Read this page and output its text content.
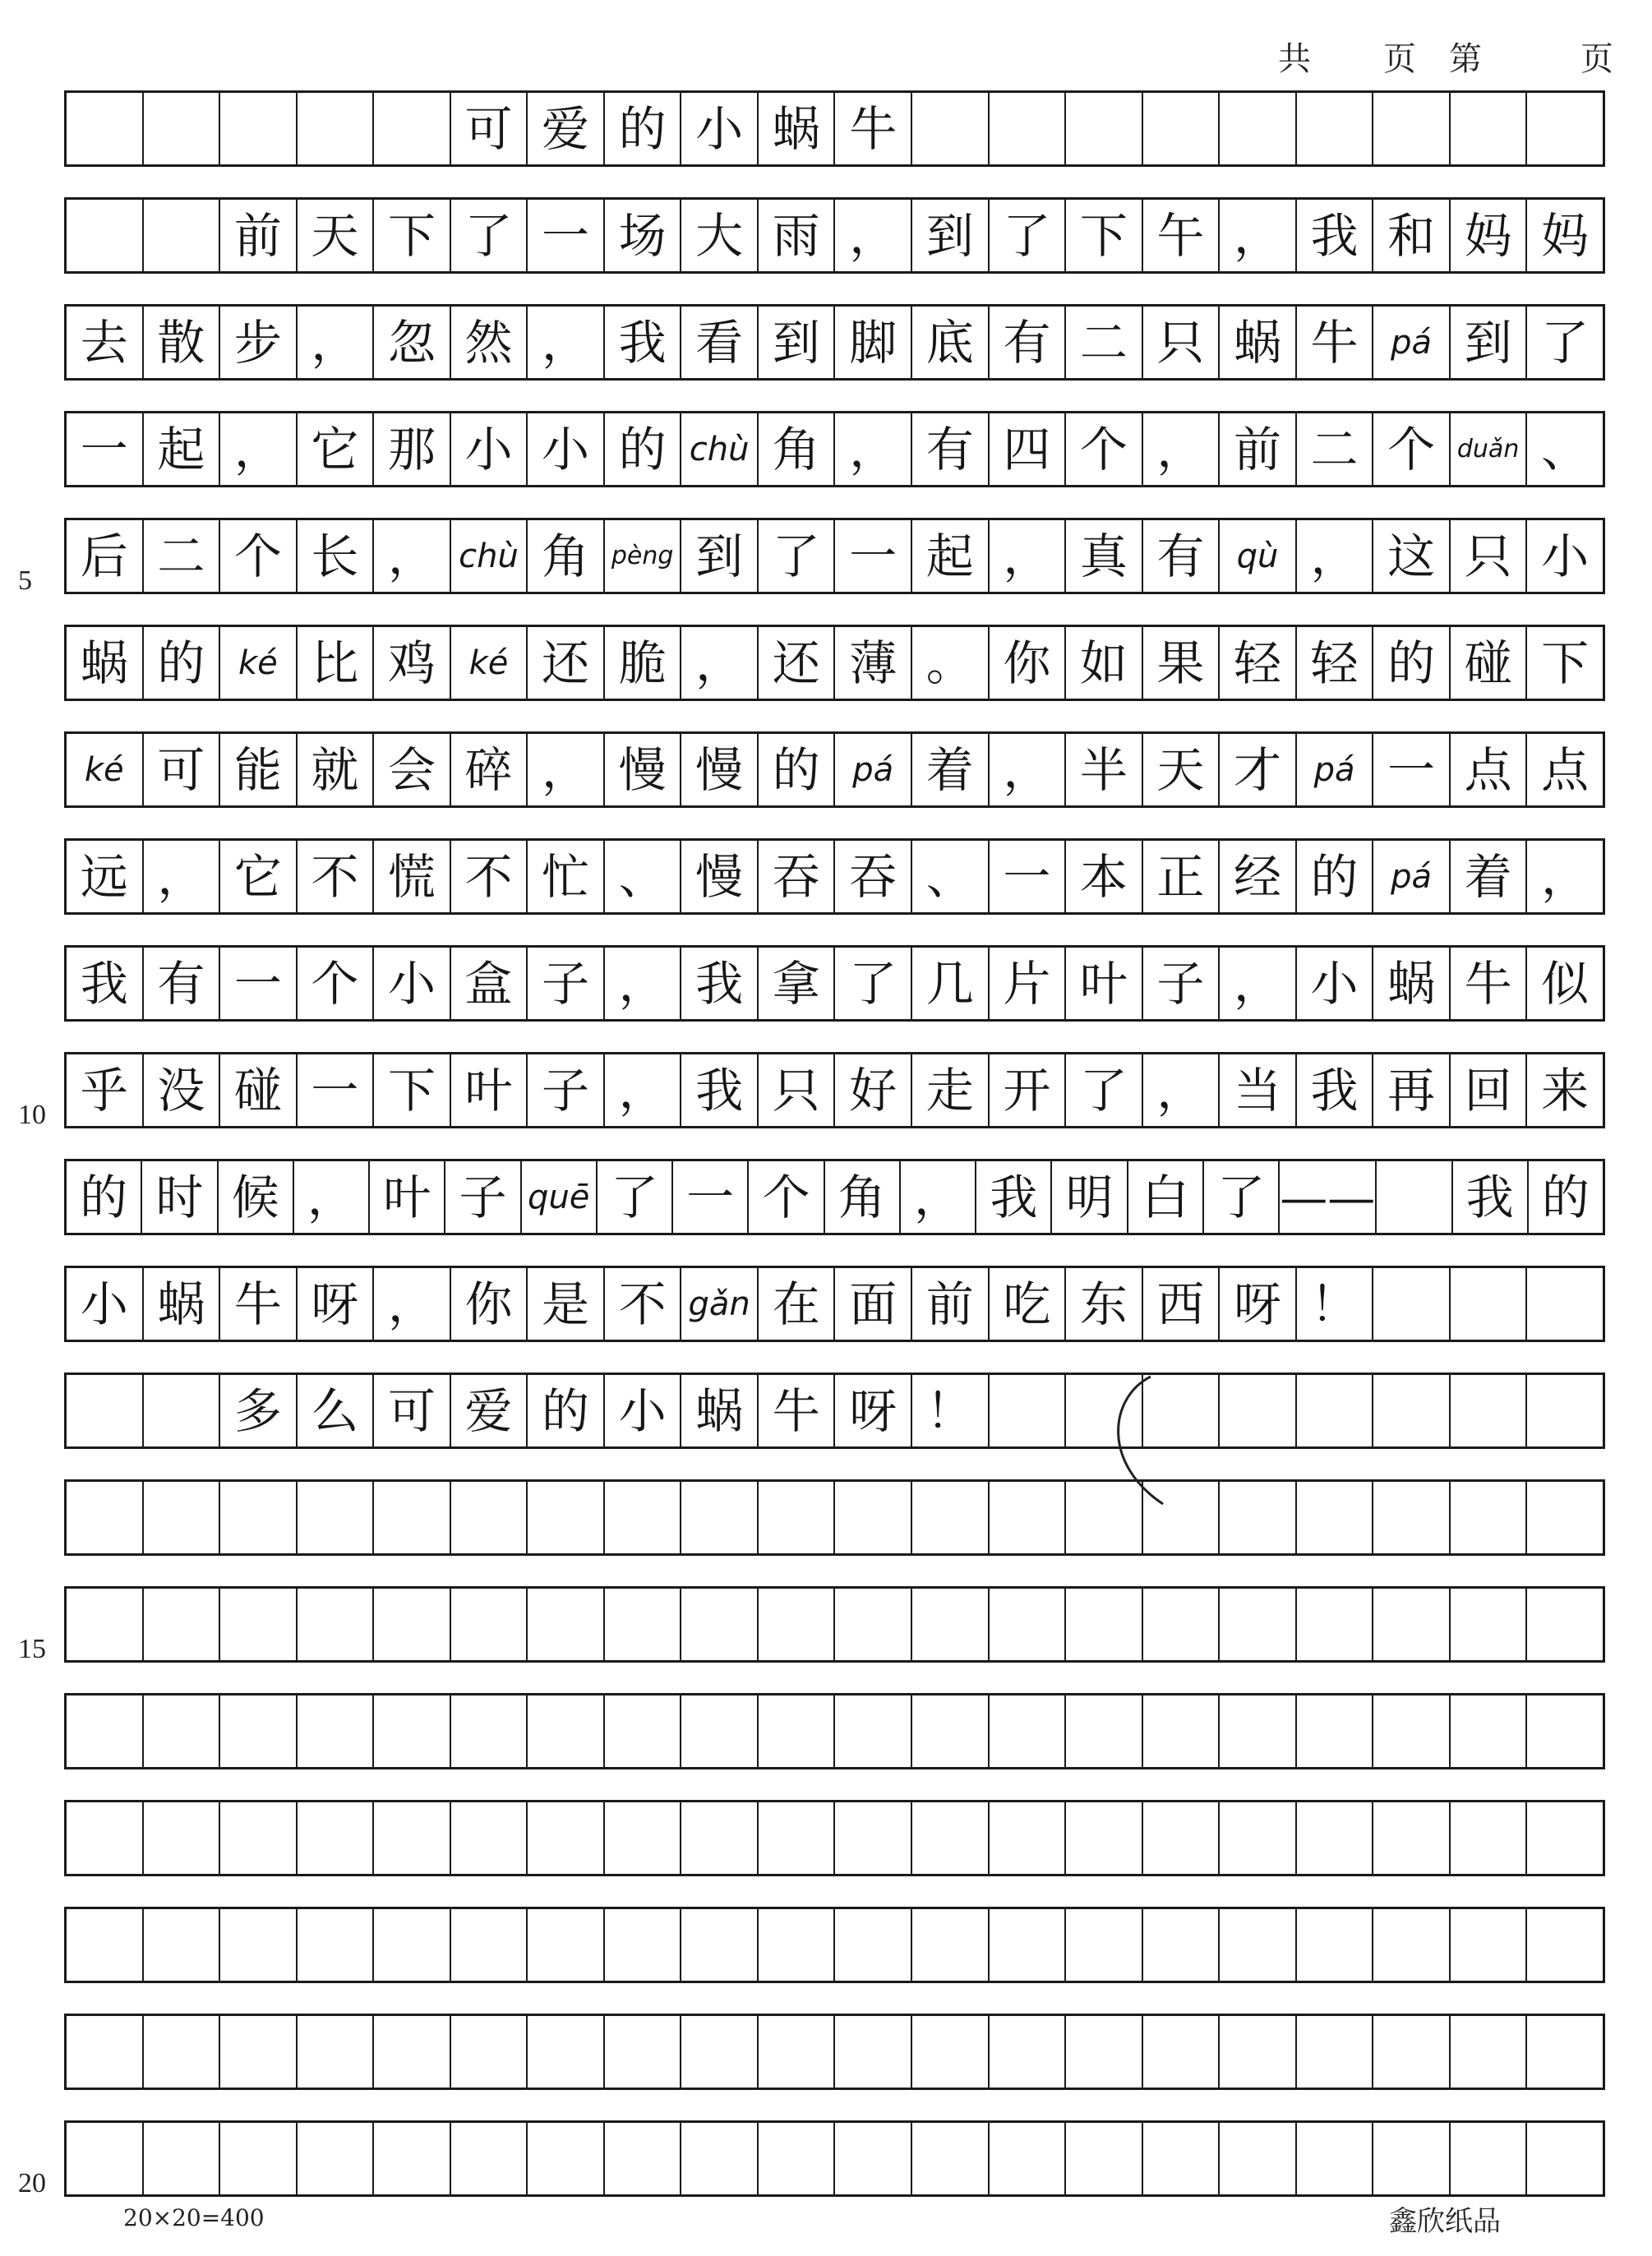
共 页 第	页
可 爱 的 小 蜗 牛
前 天 下 了 一 场 大 雨 ， 到 了 下 午 ， 我 和 妈 妈
去 散 步 ， 忽 然 ， 我 看 到 脚 底 有 二 只 蜗 牛 pá 到 了
一 起 ， 它 那 小 小 的 chù 角 ， 有 四 个 ， 前 二 个 duǎn 、
后 二 个 长 ， chù 角 pèng 到 了 一 起 ， 真 有 qù ， 这 只 小
5
蜗 的	ké 比 鸡	ké 还 脆 ， 还 薄 。 你 如 果 轻 轻 的 碰 下
ké 可 能 就 会 碎 ， 慢 慢 的 pá 着 ， 半 天 才 pá 一 点 点
远 ， 它 不 慌 不 忙 、 慢 吞 吞 、 一 本 正 经 的 pá 着 ，
我 有 一 个 小 盒 子 ， 我 拿 了 几 片 叶 子 ， 小 蜗 牛 似
乎 没 碰 一 下 叶 子 ， 我 只 好 走 开 了 ， 当 我 再 回 来
10
的 时 候 ， 叶 子 quē 了 一 个 角 ， 我 明 白 了 —— 我 的
小 蜗 牛 呀 ， 你 是 不 gǎn 在 面 前 吃 东 西 呀 ！
多 么 可 爱 的 小 蜗 牛 呀 ！
15
20
20×20=400	鑫欣纸品
